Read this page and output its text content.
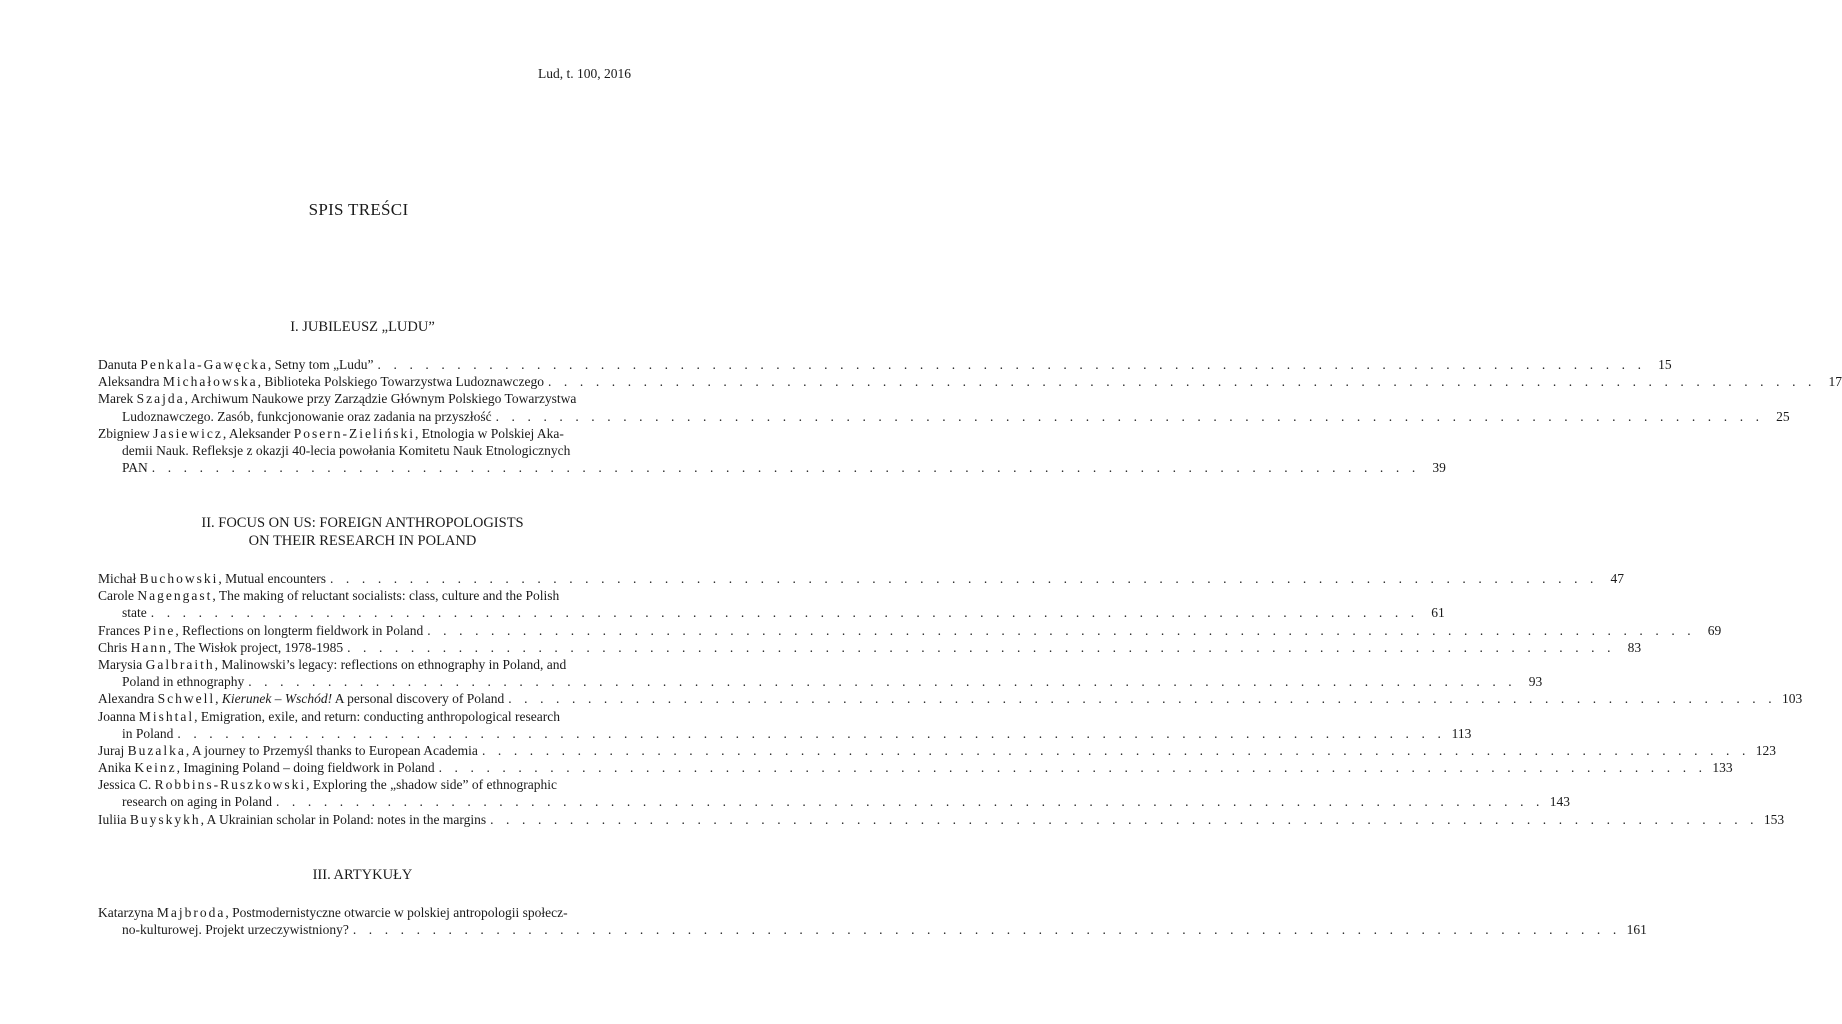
Lud, t. 100, 2016
SPIS TREŚCI
I. JUBILEUSZ „LUDU”
Danuta Penkala-Gawęcka, Setny tom „Ludu” . . . . . . . . . . . . . . . . . . . . . . . . . . . . . . . . . . . . . . . . . . . . . . . . . . . . . . . . . . . . . . . . . . . . . . . . . . . . . . . . 15
Aleksandra Michałowska, Biblioteka Polskiego Towarzystwa Ludoznawczego . . . . . . . . . . . . . . . . . . . . . . . . . . . . . . . . . . . . . . . . . . . . . . . . . . . . . . . . . . . . . . . . . . . . . . . . . . . . . . . . 17
Marek Szajda, Archiwum Naukowe przy Zarządzie Głównym Polskiego Towarzystwa
Ludoznawczego. Zasób, funkcjonowanie oraz zadania na przyszłość . . . . . . . . . . . . . . . . . . . . . . . . . . . . . . . . . . . . . . . . . . . . . . . . . . . . . . . . . . . . . . . . . . . . . . . . . . . . . . . . 25
Zbigniew Jasiewicz, Aleksander Posern-Zieliński, Etnologia w Polskiej Aka-
demii Nauk. Refleksje z okazji 40-lecia powołania Komitetu Nauk Etnologicznych
PAN . . . . . . . . . . . . . . . . . . . . . . . . . . . . . . . . . . . . . . . . . . . . . . . . . . . . . . . . . . . . . . . . . . . . . . . . . . . . . . . . 39
II. FOCUS ON US: FOREIGN ANTHROPOLOGISTS
ON THEIR RESEARCH IN POLAND
Michał Buchowski, Mutual encounters . . . . . . . . . . . . . . . . . . . . . . . . . . . . . . . . . . . . . . . . . . . . . . . . . . . . . . . . . . . . . . . . . . . . . . . . . . . . . . . . 47
Carole Nagengast, The making of reluctant socialists: class, culture and the Polish
state . . . . . . . . . . . . . . . . . . . . . . . . . . . . . . . . . . . . . . . . . . . . . . . . . . . . . . . . . . . . . . . . . . . . . . . . . . . . . . . . 61
Frances Pine, Reflections on longterm fieldwork in Poland . . . . . . . . . . . . . . . . . . . . . . . . . . . . . . . . . . . . . . . . . . . . . . . . . . . . . . . . . . . . . . . . . . . . . . . . . . . . . . . . 69
Chris Hann, The Wisłok project, 1978-1985 . . . . . . . . . . . . . . . . . . . . . . . . . . . . . . . . . . . . . . . . . . . . . . . . . . . . . . . . . . . . . . . . . . . . . . . . . . . . . . . . 83
Marysia Galbraith, Malinowski’s legacy: reflections on ethnography in Poland, and
Poland in ethnography . . . . . . . . . . . . . . . . . . . . . . . . . . . . . . . . . . . . . . . . . . . . . . . . . . . . . . . . . . . . . . . . . . . . . . . . . . . . . . . . 93
Alexandra Schwell, Kierunek – Wschód! A personal discovery of Poland . . . . . . . . . . . . . . . . . . . . . . . . . . . . . . . . . . . . . . . . . . . . . . . . . . . . . . . . . . . . . . . . . . . . . . . . . . . . . . . . 103
Joanna Mishtal, Emigration, exile, and return: conducting anthropological research
in Poland . . . . . . . . . . . . . . . . . . . . . . . . . . . . . . . . . . . . . . . . . . . . . . . . . . . . . . . . . . . . . . . . . . . . . . . . . . . . . . . . 113
Juraj Buzalka, A journey to Przemyśl thanks to European Academia . . . . . . . . . . . . . . . . . . . . . . . . . . . . . . . . . . . . . . . . . . . . . . . . . . . . . . . . . . . . . . . . . . . . . . . . . . . . . . . . 123
Anika Keinz, Imagining Poland – doing fieldwork in Poland . . . . . . . . . . . . . . . . . . . . . . . . . . . . . . . . . . . . . . . . . . . . . . . . . . . . . . . . . . . . . . . . . . . . . . . . . . . . . . . . 133
Jessica C. Robbins-Ruszkowski, Exploring the „shadow side” of ethnographic
research on aging in Poland . . . . . . . . . . . . . . . . . . . . . . . . . . . . . . . . . . . . . . . . . . . . . . . . . . . . . . . . . . . . . . . . . . . . . . . . . . . . . . . . 143
Iuliia Buyskykh, A Ukrainian scholar in Poland: notes in the margins . . . . . . . . . . . . . . . . . . . . . . . . . . . . . . . . . . . . . . . . . . . . . . . . . . . . . . . . . . . . . . . . . . . . . . . . . . . . . . . . 153
III. ARTYKUŁY
Katarzyna Majbroda, Postmodernistyczne otwarcie w polskiej antropologii społecz-
no-kulturowej. Projekt urzeczywistniony? . . . . . . . . . . . . . . . . . . . . . . . . . . . . . . . . . . . . . . . . . . . . . . . . . . . . . . . . . . . . . . . . . . . . . . . . . . . . . . . . 161
